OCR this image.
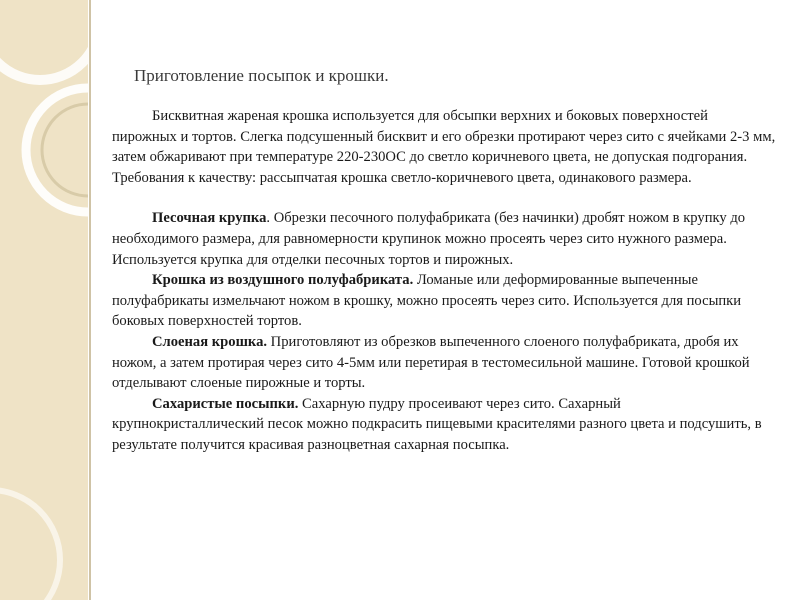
Приготовление посыпок и крошки.

Бисквитная жареная крошка используется для обсыпки верхних и боковых поверхностей пирожных и тортов. Слегка подсушенный бисквит и его обрезки протирают через сито с ячейками 2-3 мм, затем обжаривают при температуре 220-230ОС до светло коричневого цвета, не допуская подгорания. Требования к качеству: рассыпчатая крошка светло-коричневого цвета, одинакового размера.

Песочная крупка. Обрезки песочного полуфабриката (без начинки) дробят ножом в крупку до необходимого размера, для равномерности крупинок можно просеять через сито нужного размера. Используется крупка для отделки песочных тортов и пирожных.

Крошка из воздушного полуфабриката. Ломаные или деформированные выпеченные полуфабрикаты измельчают ножом в крошку, можно просеять через сито. Используется для посыпки боковых поверхностей тортов.

Слоеная крошка. Приготовляют из обрезков выпеченного слоеного полуфабриката, дробя их ножом, а затем протирая через сито 4-5мм или перетирая в тестомесильной машине. Готовой крошкой отделывают слоеные пирожные и торты.

Сахаристые посыпки. Сахарную пудру просеивают через сито. Сахарный крупнокристаллический песок можно подкрасить пищевыми красителями разного цвета и подсушить, в результате получится красивая разноцветная сахарная посыпка.
